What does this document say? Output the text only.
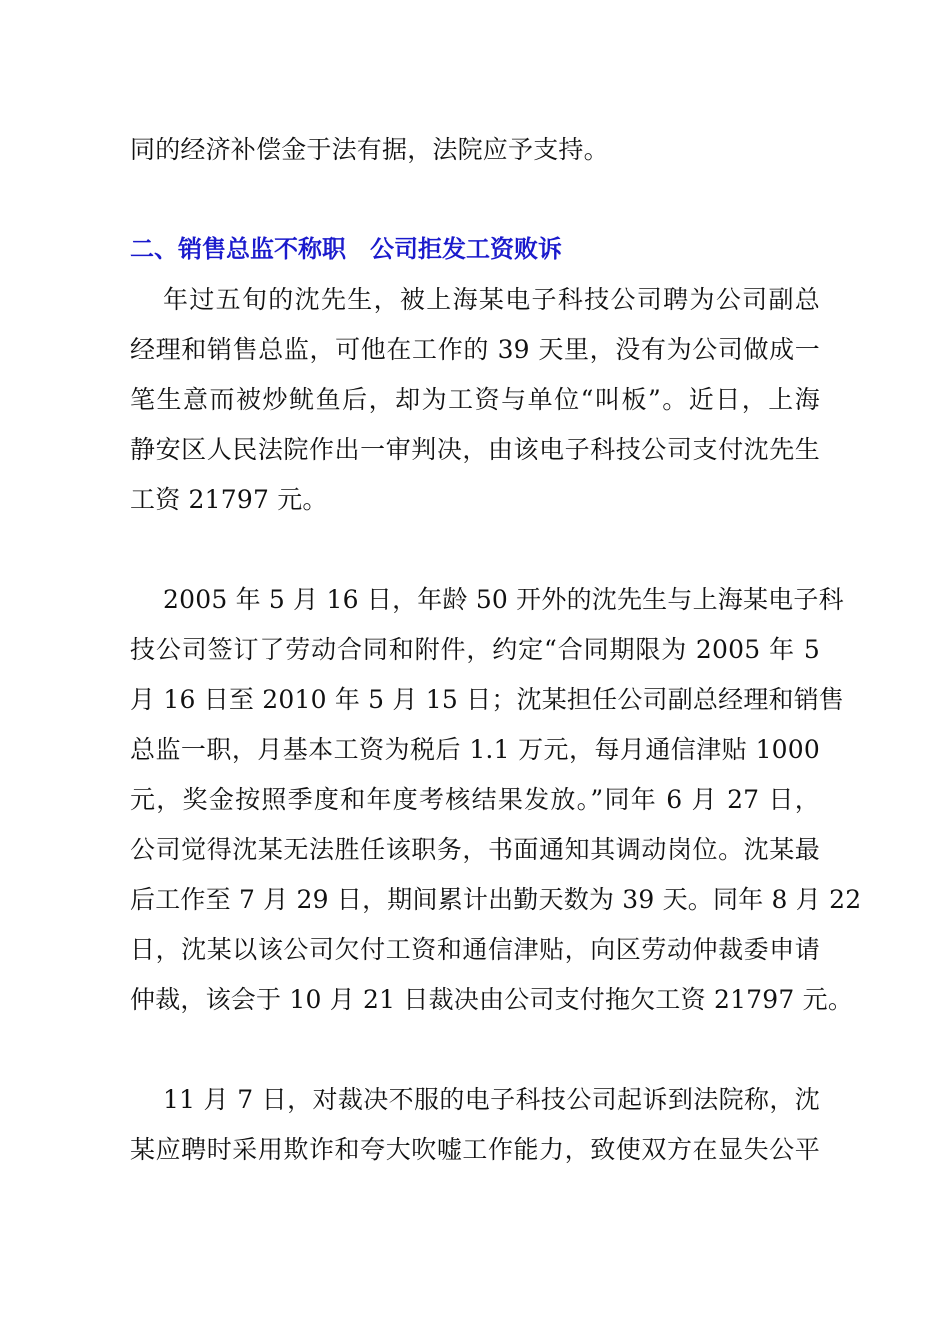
同的经济补偿金于法有据，法院应予支持。
二、销售总监不称职　公司拒发工资败诉
年过五旬的沈先生，被上海某电子科技公司聘为公司副总
经理和销售总监，可他在工作的 39 天里，没有为公司做成一
笔生意而被炒鱿鱼后，却为工资与单位“叫板”。近日，上海
静安区人民法院作出一审判决，由该电子科技公司支付沈先生
工资 21797 元。
2005 年 5 月 16 日，年龄 50 开外的沈先生与上海某电子科
技公司签订了劳动合同和附件，约定“合同期限为 2005 年 5
月 16 日至 2010 年 5 月 15 日；沈某担任公司副总经理和销售
总监一职，月基本工资为税后 1.1 万元，每月通信津贴 1000
元，奖金按照季度和年度考核结果发放。”同年 6 月 27 日，
公司觉得沈某无法胜任该职务，书面通知其调动岗位。沈某最
后工作至 7 月 29 日，期间累计出勤天数为 39 天。同年 8 月 22
日，沈某以该公司欠付工资和通信津贴，向区劳动仲裁委申请
仲裁，该会于 10 月 21 日裁决由公司支付拖欠工资 21797 元。
11 月 7 日，对裁决不服的电子科技公司起诉到法院称，沈
某应聘时采用欺诈和夸大吹嘘工作能力，致使双方在显失公平
